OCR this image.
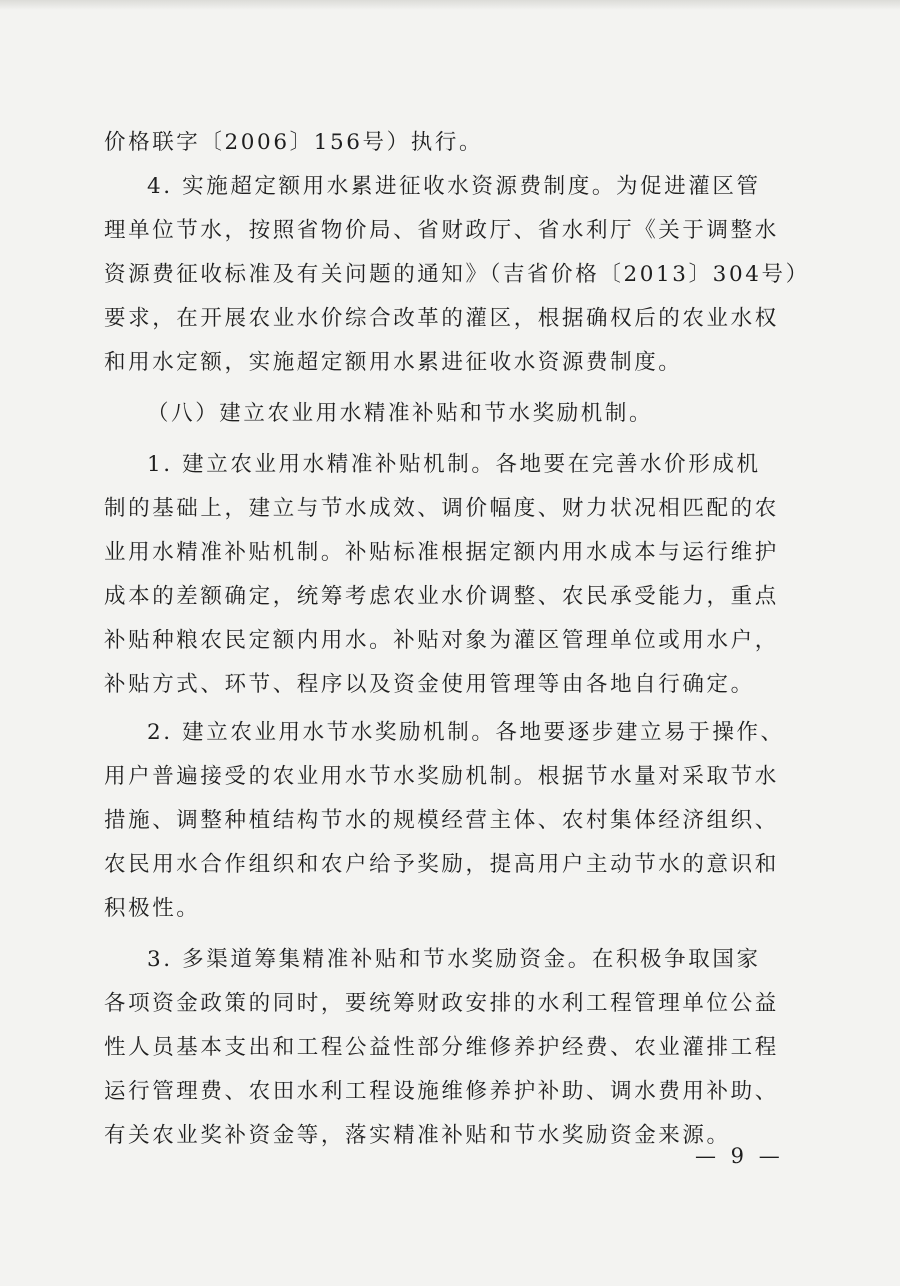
价格联字〔2006〕156号）执行。
4. 实施超定额用水累进征收水资源费制度。为促进灌区管
理单位节水，按照省物价局、省财政厅、省水利厅《关于调整水
资源费征收标准及有关问题的通知》（吉省价格〔2013〕304号）
要求，在开展农业水价综合改革的灌区，根据确权后的农业水权
和用水定额，实施超定额用水累进征收水资源费制度。
（八）建立农业用水精准补贴和节水奖励机制。
1. 建立农业用水精准补贴机制。各地要在完善水价形成机
制的基础上，建立与节水成效、调价幅度、财力状况相匹配的农
业用水精准补贴机制。补贴标准根据定额内用水成本与运行维护
成本的差额确定，统筹考虑农业水价调整、农民承受能力，重点
补贴种粮农民定额内用水。补贴对象为灌区管理单位或用水户，
补贴方式、环节、程序以及资金使用管理等由各地自行确定。
2. 建立农业用水节水奖励机制。各地要逐步建立易于操作、
用户普遍接受的农业用水节水奖励机制。根据节水量对采取节水
措施、调整种植结构节水的规模经营主体、农村集体经济组织、
农民用水合作组织和农户给予奖励，提高用户主动节水的意识和
积极性。
3. 多渠道筹集精准补贴和节水奖励资金。在积极争取国家
各项资金政策的同时，要统筹财政安排的水利工程管理单位公益
性人员基本支出和工程公益性部分维修养护经费、农业灌排工程
运行管理费、农田水利工程设施维修养护补助、调水费用补助、
有关农业奖补资金等，落实精准补贴和节水奖励资金来源。
— 9 —
